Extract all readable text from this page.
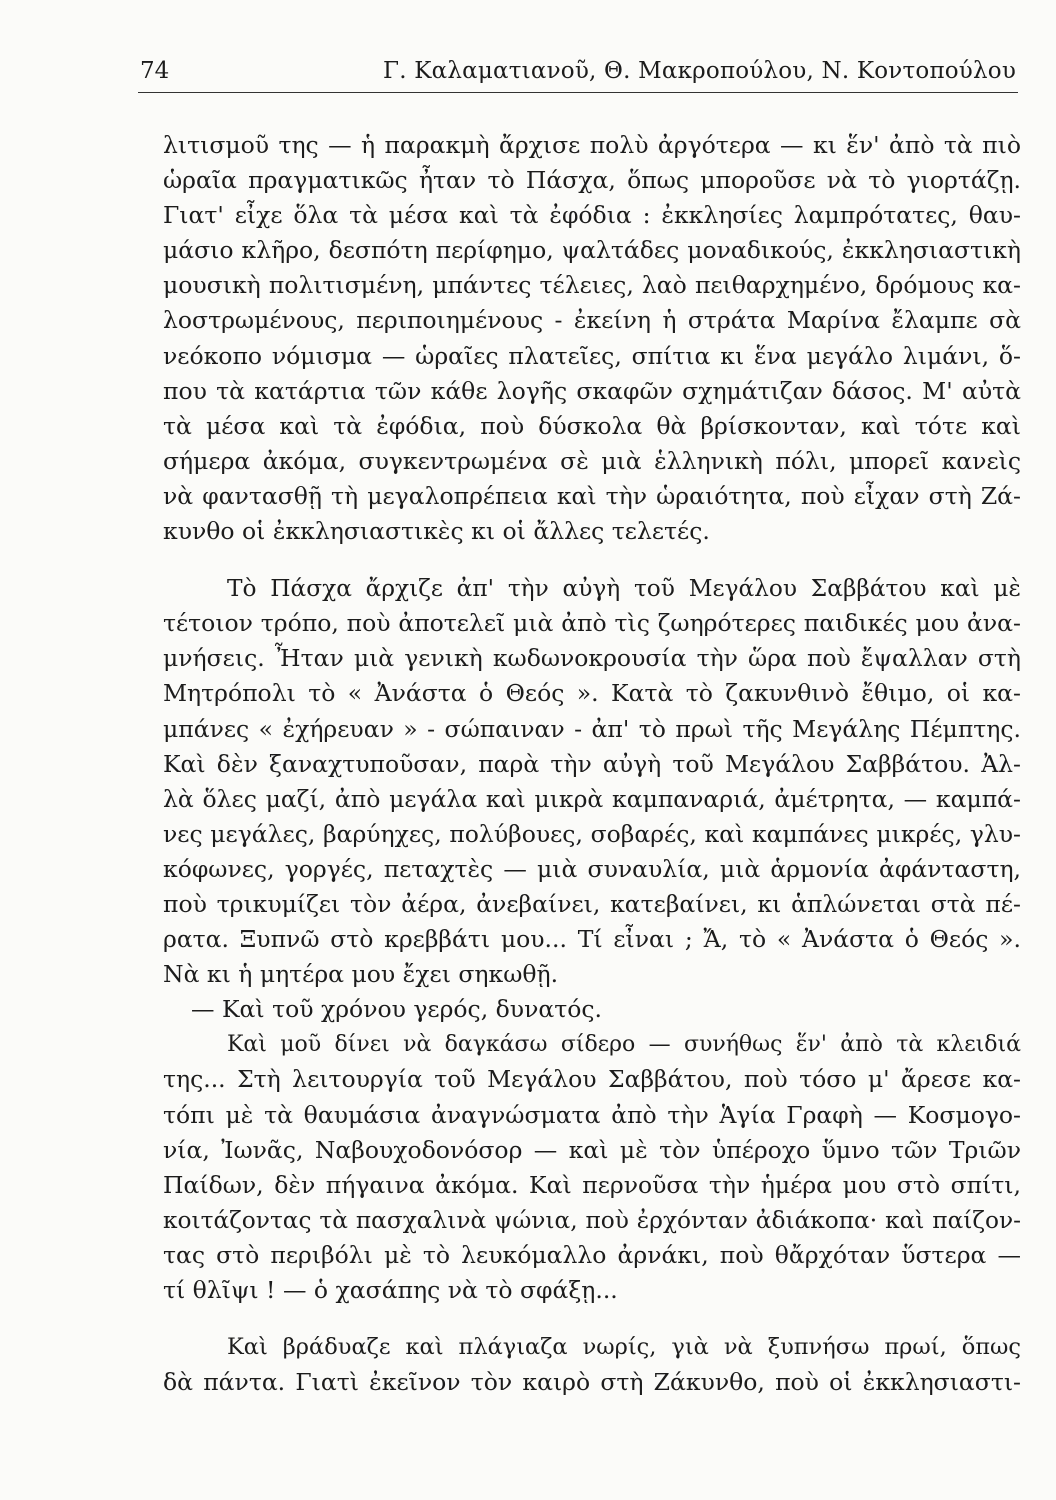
74	Γ. Καλαματιανοῦ, Θ. Μακροπούλου, Ν. Κοντοπούλου
λιτισμοῦ της — ἡ παρακμὴ ἄρχισε πολὺ ἀργότερα — κι ἕν' ἀπὸ τὰ πιὸ
ὡραῖα πραγματικῶς ἦταν τὸ Πάσχα, ὅπως μποροῦσε νὰ τὸ γιορτάζῃ.
Γιατ' εἶχε ὅλα τὰ μέσα καὶ τὰ ἐφόδια : ἐκκλησίες λαμπρότατες, θαυ-
μάσιο κλῆρο, δεσπότη περίφημο, ψαλτάδες μοναδικούς, ἐκκλησιαστικὴ
μουσικὴ πολιτισμένη, μπάντες τέλειες, λαὸ πειθαρχημένο, δρόμους κα-
λοστρωμένους, περιποιημένους - ἐκείνη ἡ στράτα Μαρίνα ἔλαμπε σὰ
νεόκοπο νόμισμα — ὡραῖες πλατεῖες, σπίτια κι ἕνα μεγάλο λιμάνι, ὅ-
που τὰ κατάρτια τῶν κάθε λογῆς σκαφῶν σχημάτιζαν δάσος. Μ' αὐτὰ
τὰ μέσα καὶ τὰ ἐφόδια, ποὺ δύσκολα θὰ βρίσκονταν, καὶ τότε καὶ
σήμερα ἀκόμα, συγκεντρωμένα σὲ μιὰ ἑλληνικὴ πόλι, μπορεῖ κανεὶς
νὰ φαντασθῇ τὴ μεγαλοπρέπεια καὶ τὴν ὡραιότητα, ποὺ εἶχαν στὴ Ζά-
κυνθο οἱ ἐκκλησιαστικὲς κι οἱ ἄλλες τελετές.
Τὸ Πάσχα ἄρχιζε ἀπ' τὴν αὐγὴ τοῦ Μεγάλου Σαββάτου καὶ μὲ
τέτοιον τρόπο, ποὺ ἀποτελεῖ μιὰ ἀπὸ τὶς ζωηρότερες παιδικές μου ἀνα-
μνήσεις. Ἦταν μιὰ γενικὴ κωδωνοκρουσία τὴν ὥρα ποὺ ἔψαλλαν στὴ
Μητρόπολι τὸ « Ἀνάστα ὁ Θεός ». Κατὰ τὸ ζακυνθινὸ ἔθιμο, οἱ κα-
μπάνες « ἐχήρευαν » - σώπαιναν - ἀπ' τὸ πρωὶ τῆς Μεγάλης Πέμπτης.
Καὶ δὲν ξαναχτυποῦσαν, παρὰ τὴν αὐγὴ τοῦ Μεγάλου Σαββάτου. Ἀλ-
λὰ ὅλες μαζί, ἀπὸ μεγάλα καὶ μικρὰ καμπαναριά, ἀμέτρητα, — καμπά-
νες μεγάλες, βαρύηχες, πολύβουες, σοβαρές, καὶ καμπάνες μικρές, γλυ-
κόφωνες, γοργές, πεταχτὲς — μιὰ συναυλία, μιὰ ἁρμονία ἀφάνταστη,
ποὺ τρικυμίζει τὸν ἀέρα, ἀνεβαίνει, κατεβαίνει, κι ἁπλώνεται στὰ πέ-
ρατα. Ξυπνῶ στὸ κρεββάτι μου... Τί εἶναι ; Ἄ, τὸ « Ἀνάστα ὁ Θεός ».
Νὰ κι ἡ μητέρα μου ἔχει σηκωθῇ.
— Καὶ τοῦ χρόνου γερός, δυνατός.
Καὶ μοῦ δίνει νὰ δαγκάσω σίδερο — συνήθως ἕν' ἀπὸ τὰ κλειδιά
της... Στὴ λειτουργία τοῦ Μεγάλου Σαββάτου, ποὺ τόσο μ' ἄρεσε κα-
τόπι μὲ τὰ θαυμάσια ἀναγνώσματα ἀπὸ τὴν Ἁγία Γραφὴ — Κοσμογο-
νία, Ἰωνᾶς, Ναβουχοδονόσορ — καὶ μὲ τὸν ὑπέροχο ὕμνο τῶν Τριῶν
Παίδων, δὲν πήγαινα ἀκόμα. Καὶ περνοῦσα τὴν ἡμέρα μου στὸ σπίτι,
κοιτάζοντας τὰ πασχαλινὰ ψώνια, ποὺ ἐρχόνταν ἀδιάκοπα· καὶ παίζον-
τας στὸ περιβόλι μὲ τὸ λευκόμαλλο ἀρνάκι, ποὺ θἄρχόταν ὕστερα —
τί θλῖψι ! — ὁ χασάπης νὰ τὸ σφάξῃ...
Καὶ βράδυαζε καὶ πλάγιαζα νωρίς, γιὰ νὰ ξυπνήσω πρωί, ὅπως
δὰ πάντα. Γιατὶ ἐκεῖνον τὸν καιρὸ στὴ Ζάκυνθο, ποὺ οἱ ἐκκλησιαστι-
